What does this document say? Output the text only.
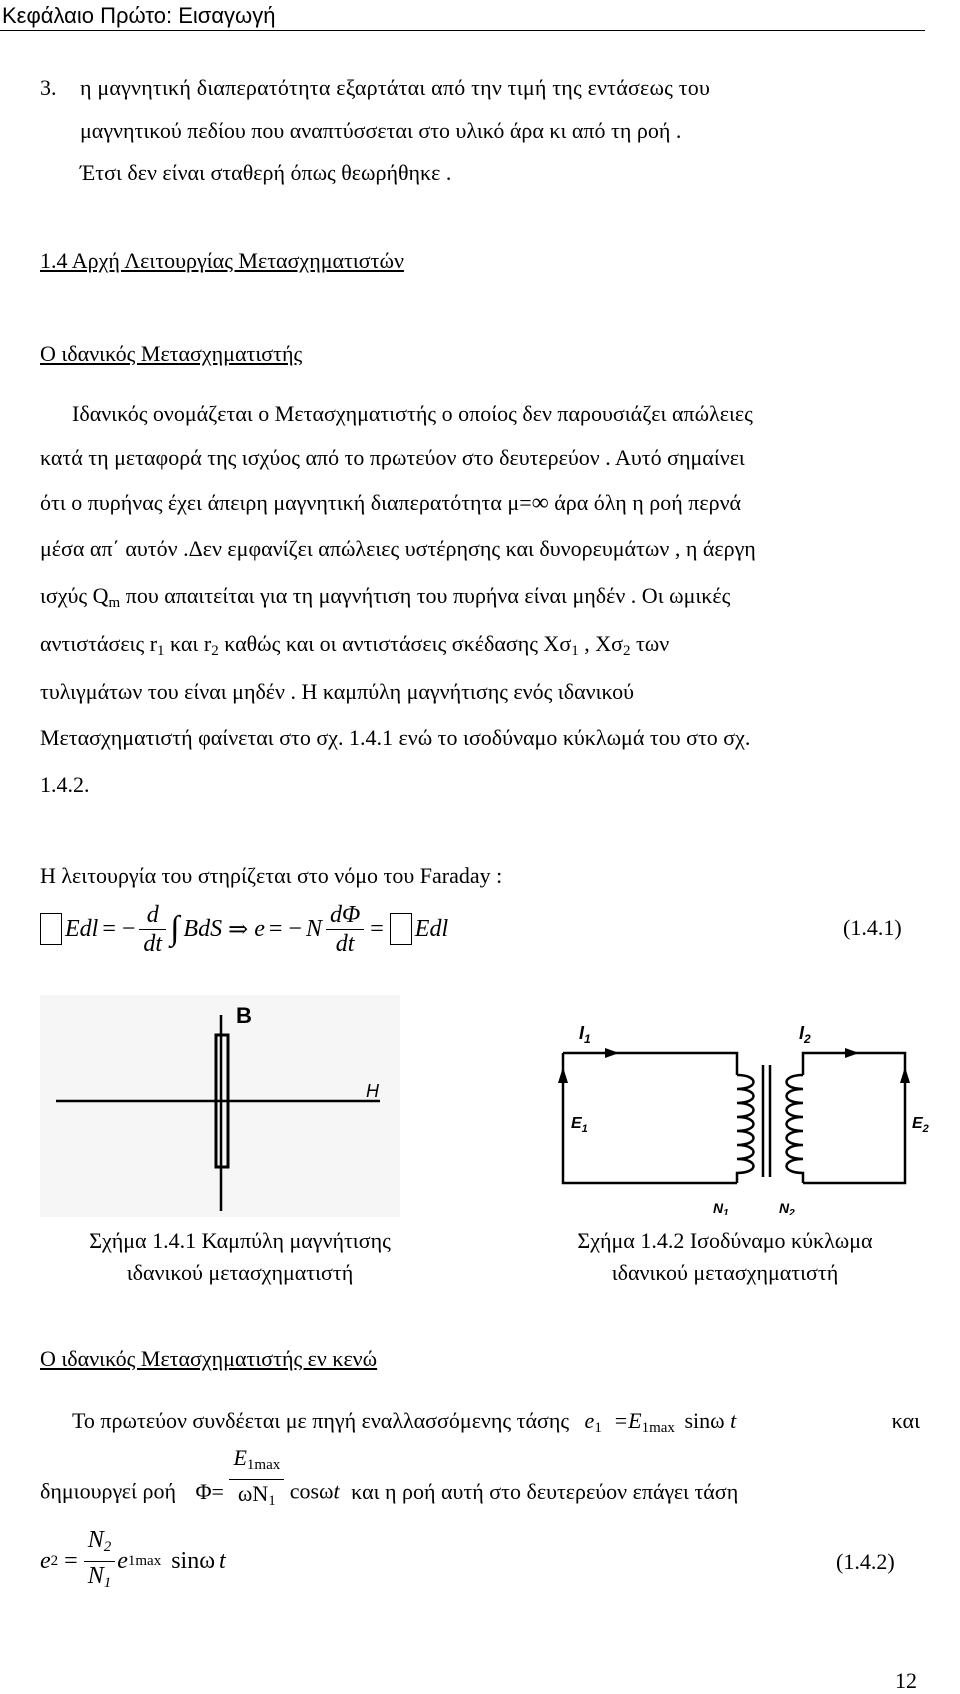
Κεφάλαιο Πρώτο: Εισαγωγή
3. η μαγνητική διαπερατότητα εξαρτάται από την τιμή της εντάσεως του
μαγνητικού πεδίου που αναπτύσσεται στο υλικό άρα κι από τη ροή .
Έτσι δεν είναι σταθερή όπως θεωρήθηκε .
1.4 Αρχή Λειτουργίας Μετασχηματιστών
Ο ιδανικός Μετασχηματιστής
Ιδανικός ονομάζεται ο Μετασχηματιστής ο οποίος δεν παρουσιάζει απώλειες
κατά τη μεταφορά της ισχύος από το πρωτεύον στο δευτερεύον . Αυτό σημαίνει
ότι ο πυρήνας έχει άπειρη μαγνητική διαπερατότητα μ=∞ άρα όλη η ροή περνά
μέσα απ΄ αυτόν .Δεν εμφανίζει απώλειες υστέρησης και δυνορευμάτων , η άεργη
ισχύς $Q_m$ που απαιτείται για τη μαγνήτιση του πυρήνα είναι μηδέν . Οι ωμικές
αντιστάσεις $r_1$ και $r_2$ καθώς και οι αντιστάσεις σκέδασης $X\sigma_1$ , $X\sigma_2$ των
τυλιγμάτων του είναι μηδέν . Η καμπύλη μαγνήτισης ενός ιδανικού
Μετασχηματιστή φαίνεται στο σχ. 1.4.1 ενώ το ισοδύναμο κύκλωμά του στο σχ.
1.4.2.
Η λειτουργία του στηρίζεται στο νόμο του Faraday :
E dl = − $\frac{d}{dt}$ ∫ B dS ⇒ e = − N $\frac{d\Phi}{dt} = E$ dl	(1.4.1)
B
H
Σχήμα 1.4.1 Καμπύλη μαγνήτισης
ιδανικού μετασχηματιστή
$I_1$	$I_2$
$E_1$	$E_2$
$N_1$	$N_2$
Σχήμα 1.4.2 Ισοδύναμο κύκλωμα
ιδανικού μετασχηματιστή
Ο ιδανικός Μετασχηματιστής εν κενώ
Το πρωτεύον συνδέεται με πηγή εναλλασσόμενης τάσης $e_1 =E_{1max}$ sinω t	και
δημιουργεί ροή $\Phi= \frac{E_{1max}}{\omega N_1}$ cosωt και η ροή αυτή στο δευτερεύον επάγει τάση
e $2 = \frac{N_2}{N_1}$ e 1max sinω t	(1.4.2)
12
